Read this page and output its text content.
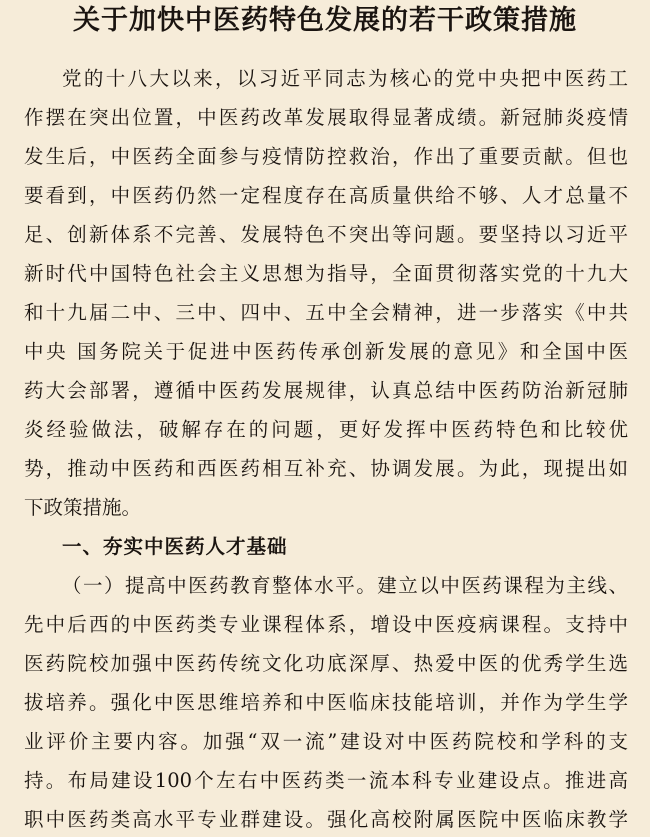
关于加快中医药特色发展的若干政策措施
党的十八大以来，以习近平同志为核心的党中央把中医药工
作摆在突出位置，中医药改革发展取得显著成绩。新冠肺炎疫情
发生后，中医药全面参与疫情防控救治，作出了重要贡献。但也
要看到，中医药仍然一定程度存在高质量供给不够、人才总量不
足、创新体系不完善、发展特色不突出等问题。要坚持以习近平
新时代中国特色社会主义思想为指导，全面贯彻落实党的十九大
和十九届二中、三中、四中、五中全会精神，进一步落实《中共
中央 国务院关于促进中医药传承创新发展的意见》和全国中医
药大会部署，遵循中医药发展规律，认真总结中医药防治新冠肺
炎经验做法，破解存在的问题，更好发挥中医药特色和比较优
势，推动中医药和西医药相互补充、协调发展。为此，现提出如
下政策措施。
一、夯实中医药人才基础
（一）提高中医药教育整体水平。建立以中医药课程为主线、
先中后西的中医药类专业课程体系，增设中医疫病课程。支持中
医药院校加强中医药传统文化功底深厚、热爱中医的优秀学生选
拔培养。强化中医思维培养和中医临床技能培训，并作为学生学
业评价主要内容。加强“双一流”建设对中医药院校和学科的支
持。布局建设100个左右中医药类一流本科专业建设点。推进高
职中医药类高水平专业群建设。强化高校附属医院中医临床教学
